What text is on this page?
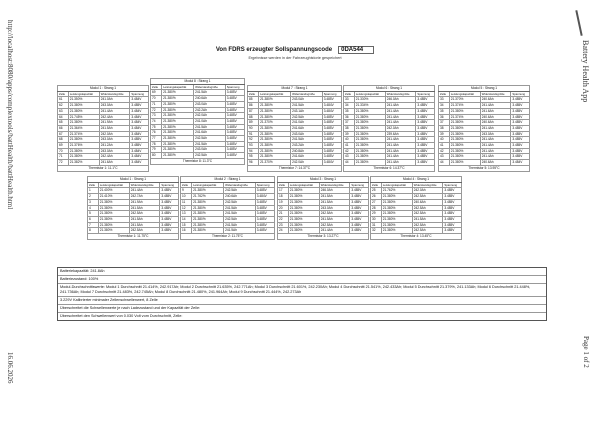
http://localhost:8080/apps/complextools/battHealth/battHealth.html
16.06.2026
Battery Health App
Page 1 of 2
Von FDRS erzeugter Sollspannungscode	0DA544
Ergebnisse werden in der Fahrzeughistorie gespeichert
Modul 1 : Strang 1			
Zelle	Leistungskapazität	Widerstandsgröße	Spannung
61	21.350%	241.0Ah	3.484V
62	21.380%	243.0Ah	3.485V
63	21.380%	241.4Ah	3.484V
64	21.745%	242.4Ah	3.484V
65	21.380%	241.9Ah	3.484V
66	21.364%	241.5Ah	3.484V
67	21.374%	242.0Ah	3.484V
68	21.380%	243.0Ah	3.485V
69	21.376%	241.2Ah	3.485V
70	21.380%	243.0Ah	3.484V
71	21.380%	242.4Ah	3.484V
72	21.382%	241.6Ah	3.484V
Thermistor 1: 11.1°C			
Modul 8 : Strang 1			
Zelle	Leistungskapazität	Widerstandsgröße	Spannung
69	21.380%	241.5Ah	3.485V
70	21.380%	240.6Ah	3.485V
71	21.380%	243.0Ah	3.485V
72	21.380%	242.2Ah	3.485V
73	21.380%	242.0Ah	3.485V
74	21.380%	241.0Ah	3.485V
75	21.380%	241.5Ah	3.485V
76	21.380%	241.6Ah	3.485V
77	21.380%	242.5Ah	3.485V
78	21.380%	241.5Ah	3.485V
79	21.380%	243.0Ah	3.485V
80	21.380%	242.5Ah	3.485V
Thermistor 8: 11.3°C			
Modul 7 : Strang 1			
Zelle	Leistungskapazität	Widerstandsgröße	Spannung
85	21.380%	243.0Ah	3.485V
86	21.380%	241.5Ah	3.484V
87	21.380%	243.1Ah	3.484V
88	21.380%	242.5Ah	3.485V
89	21.370%	241.0Ah	3.485V
90	21.380%	241.6Ah	3.485V
91	21.380%	243.0Ah	3.485V
92	21.380%	241.5Ah	3.485V
93	21.380%	243.2Ah	3.485V
94	21.380%	240.8Ah	3.485V
95	21.380%	241.6Ah	3.485V
96	21.370%	242.0Ah	3.484V
Thermistor 7: 14.37°C			
Modul 6 : Strang 1			
Zelle	Leistungskapazität	Widerstandsgröße	Spannung
33	21.330%	246.0Ah	3.485V
34	21.334%	241.4Ah	3.485V
35	21.380%	241.4Ah	3.485V
36	21.380%	241.4Ah	3.485V
37	21.380%	241.4Ah	3.485V
38	21.380%	242.0Ah	3.485V
39	21.380%	239.6Ah	3.485V
40	21.380%	241.4Ah	3.485V
41	21.380%	241.4Ah	3.485V
42	21.380%	241.4Ah	3.485V
43	21.380%	241.4Ah	3.485V
44	21.380%	241.4Ah	3.485V
Thermistor 6: 14.37°C			
Modul 5 : Strang 1			
Zelle	Leistungskapazität	Widerstandsgröße	Spannung
33	21.370%	240.6Ah	3.485V
34	21.374%	241.4Ah	3.485V
35	21.380%	241.6Ah	3.485V
36	21.374%	240.6Ah	3.485V
37	21.380%	240.6Ah	3.485V
38	21.380%	241.4Ah	3.485V
39	21.380%	243.0Ah	3.485V
40	21.380%	241.4Ah	3.485V
41	21.380%	241.4Ah	3.485V
42	21.380%	241.4Ah	3.485V
43	21.380%	241.4Ah	3.485V
44	21.380%	240.6Ah	3.484V
Thermistor 5: 13.95°C			
Modul 1 : Strang 1			
Zelle	Leistungskapazität	Widerstandsgröße	Spannung
1	21.400%	241.4Ah	3.485V
2	21.410%	242.7Ah	3.485V
3	21.380%	241.9Ah	3.485V
4	21.380%	241.5Ah	3.485V
5	21.380%	242.5Ah	3.485V
6	21.380%	241.5Ah	3.485V
7	21.380%	241.5Ah	3.485V
8	21.380%	242.5Ah	3.485V
Thermistor 1: 11.75°C			
Modul 2 : Strang 1			
Zelle	Leistungskapazität	Widerstandsgröße	Spannung
9	21.380%	242.5Ah	3.485V
10	21.762%	240.6Ah	3.484V
11	21.380%	242.5Ah	3.485V
12	21.380%	241.5Ah	3.485V
13	21.380%	241.5Ah	3.485V
14	21.380%	242.5Ah	3.485V
15	21.380%	241.5Ah	3.485V
16	21.380%	241.5Ah	3.485V
Thermistor 2: 11.75°C			
Modul 3 : Strang 1			
Zelle	Leistungskapazität	Widerstandsgröße	Spannung
17	21.380%	246.0Ah	3.485V
18	21.380%	241.5Ah	3.485V
19	21.380%	241.5Ah	3.485V
20	21.380%	243.0Ah	3.485V
21	21.380%	242.5Ah	3.485V
22	21.380%	241.5Ah	3.485V
23	21.380%	242.5Ah	3.485V
24	21.380%	241.4Ah	3.485V
Thermistor 3: 13.27°C			
Modul 4 : Strang 1			
Zelle	Leistungskapazität	Widerstandsgröße	Spannung
25	21.762%	242.0Ah	3.485V
26	21.380%	242.5Ah	3.485V
27	21.380%	240.6Ah	3.485V
28	21.380%	242.5Ah	3.485V
29	21.380%	242.5Ah	3.485V
30	21.380%	241.5Ah	3.485V
31	21.380%	242.5Ah	3.485V
32	21.380%	242.5Ah	3.485V
Thermistor 4: 13.45°C			
Batteriekapazität: 241.8Ah
Batteriezustand: 100%
Modul-Durchschnittswerte: Modul 1 Durchschnitt 21.414%, 242.917Ah; Modul 2 Durchschnitt 21.635%, 242.771Ah; Modul 3 Durchschnitt 21.601%, 242.230Ah; Modul 4 Durchschnitt 21.541%, 242.433Ah; Modul 5 Durchschnitt 21.379%, 241.133Ah; Modul 6 Durchschnitt 21.448%, 241.736Ah; Modul 7 Durchschnitt 21.483%, 242.745Ah; Modul 8 Durchschnitt 21.480%, 241.964Ah; Modul 9 Durchschnitt 21.444%, 242.273Ah
3.229V Kalibrierter minimaler Zellenschwellenwert, 8 Zelle
Überschreitet die Schwellenwerte je nach Ladezustand und der Kapazität der Zelle:
Überschreitet den Schwellenwert von 0.030 Volt vom Durchschnitt, Zelle:
